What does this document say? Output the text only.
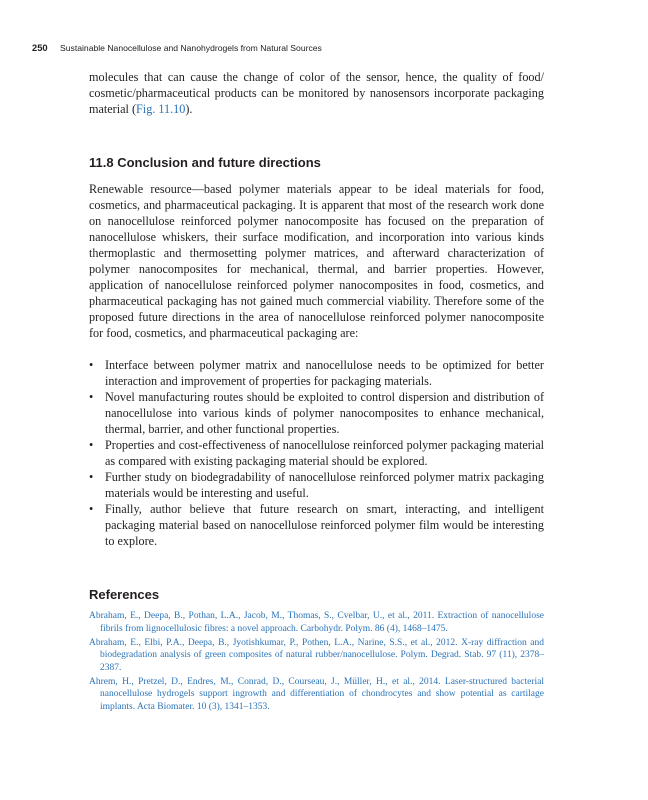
250 Sustainable Nanocellulose and Nanohydrogels from Natural Sources

molecules that can cause the change of color of the sensor, hence, the quality of food/ cosmetic/pharmaceutical products can be monitored by nanosensors incorporate packaging material (Fig. 11.10).

11.8 Conclusion and future directions

Renewable resource—based polymer materials appear to be ideal materials for food, cosmetics, and pharmaceutical packaging. It is apparent that most of the research work done on nanocellulose reinforced polymer nanocomposite has focused on the preparation of nanocellulose whiskers, their surface modification, and incorporation into various kinds thermoplastic and thermosetting polymer matrices, and afterward characterization of polymer nanocomposites for mechanical, thermal, and barrier properties. However, application of nanocellulose reinforced polymer nanocomposites in food, cosmetics, and pharmaceutical packaging has not gained much commercial viability. Therefore some of the proposed future directions in the area of nanocellulose reinforced polymer nanocomposite for food, cosmetics, and pharmaceutical packaging are:

• Interface between polymer matrix and nanocellulose needs to be optimized for better interaction and improvement of properties for packaging materials.
• Novel manufacturing routes should be exploited to control dispersion and distribution of nanocellulose into various kinds of polymer nanocomposites to enhance mechanical, thermal, barrier, and other functional properties.
• Properties and cost-effectiveness of nanocellulose reinforced polymer packaging material as compared with existing packaging material should be explored.
• Further study on biodegradability of nanocellulose reinforced polymer matrix packaging materials would be interesting and useful.
• Finally, author believe that future research on smart, interacting, and intelligent packaging material based on nanocellulose reinforced polymer film would be interesting to explore.
References
Abraham, E., Deepa, B., Pothan, L.A., Jacob, M., Thomas, S., Cvelbar, U., et al., 2011. Extraction of nanocellulose fibrils from lignocellulosic fibres: a novel approach. Carbohydr. Polym. 86 (4), 1468–1475.
Abraham, E., Elbi, P.A., Deepa, B., Jyotishkumar, P., Pothen, L.A., Narine, S.S., et al., 2012. X-ray diffraction and biodegradation analysis of green composites of natural rubber/nanocellulose. Polym. Degrad. Stab. 97 (11), 2378–2387.
Ahrem, H., Pretzel, D., Endres, M., Conrad, D., Courseau, J., Müller, H., et al., 2014. Laser-structured bacterial nanocellulose hydrogels support ingrowth and differentiation of chondrocytes and show potential as cartilage implants. Acta Biomater. 10 (3), 1341–1353.
